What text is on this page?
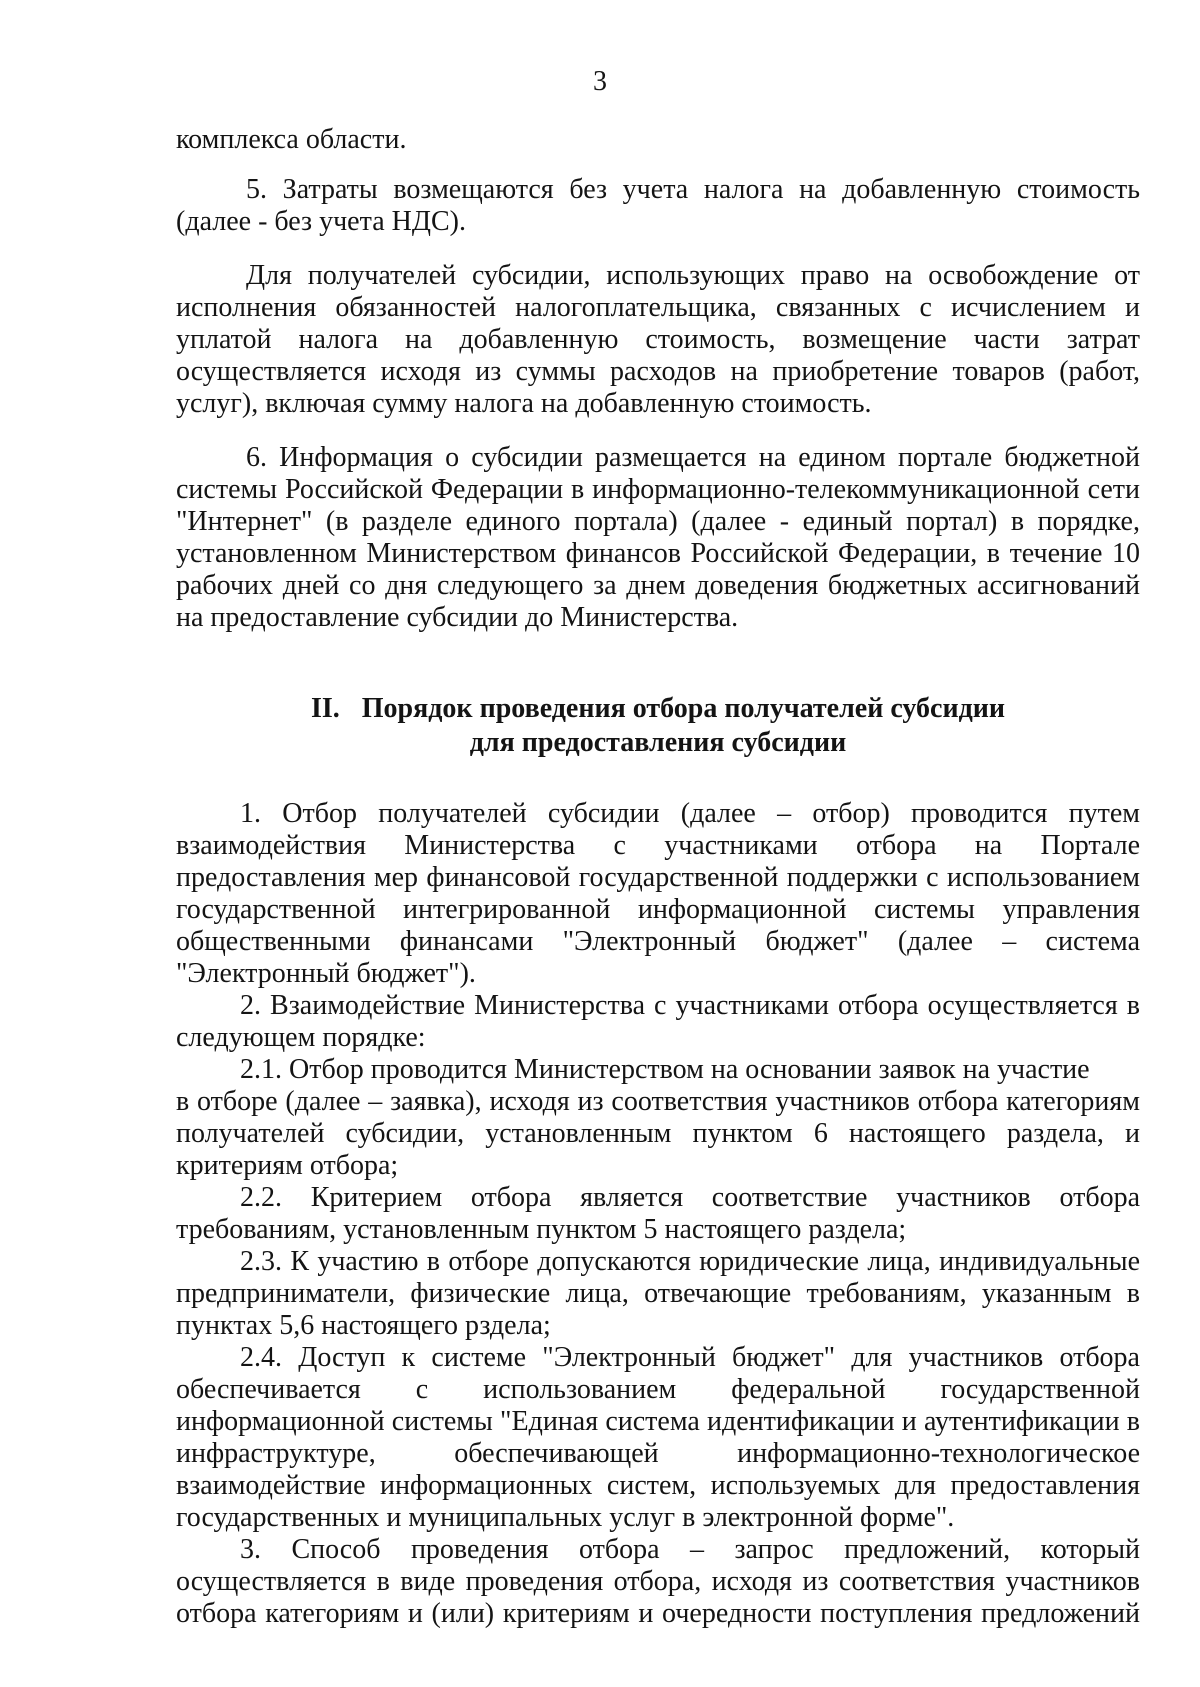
3

комплекса области.

5. Затраты возмещаются без учета налога на добавленную стоимость (далее - без учета НДС).

Для получателей субсидии, использующих право на освобождение от исполнения обязанностей налогоплательщика, связанных с исчислением и уплатой налога на добавленную стоимость, возмещение части затрат осуществляется исходя из суммы расходов на приобретение товаров (работ, услуг), включая сумму налога на добавленную стоимость.

6. Информация о субсидии размещается на едином портале бюджетной системы Российской Федерации в информационно-телекоммуникационной сети "Интернет" (в разделе единого портала) (далее - единый портал) в порядке, установленном Министерством финансов Российской Федерации, в течение 10 рабочих дней со дня следующего за днем доведения бюджетных ассигнований на предоставление субсидии до Министерства.

II. Порядок проведения отбора получателей субсидии
для предоставления субсидии

1. Отбор получателей субсидии (далее – отбор) проводится путем взаимодействия Министерства с участниками отбора на Портале предоставления мер финансовой государственной поддержки с использованием государственной интегрированной информационной системы управления общественными финансами "Электронный бюджет" (далее – система "Электронный бюджет").

2. Взаимодействие Министерства с участниками отбора осуществляется в следующем порядке:

2.1. Отбор проводится Министерством на основании заявок на участие

в отборе (далее – заявка), исходя из соответствия участников отбора категориям получателей субсидии, установленным пунктом 6 настоящего раздела, и критериям отбора;

2.2. Критерием отбора является соответствие участников отбора требованиям, установленным пунктом 5 настоящего раздела;

2.3. К участию в отборе допускаются юридические лица, индивидуальные предприниматели, физические лица, отвечающие требованиям, указанным в пунктах 5,6 настоящего рздела;

2.4. Доступ к системе "Электронный бюджет" для участников отбора обеспечивается с использованием федеральной государственной информационной системы "Единая система идентификации и аутентификации в инфраструктуре, обеспечивающей информационно-технологическое взаимодействие информационных систем, используемых для предоставления государственных и муниципальных услуг в электронной форме".

3. Способ проведения отбора – запрос предложений, который осуществляется в виде проведения отбора, исходя из соответствия участников отбора категориям и (или) критериям и очередности поступления предложений
